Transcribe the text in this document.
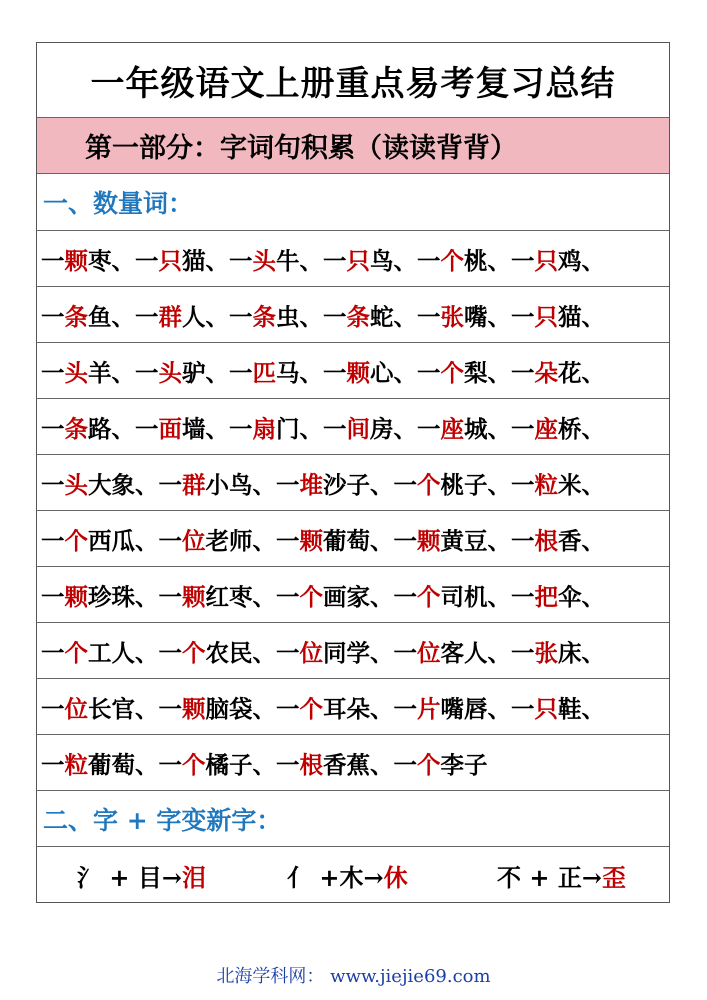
一年级语文上册重点易考复习总结
第一部分：字词句积累（读读背背）
一、数量词：
一颗枣、 一只猫、 一头牛、 一只鸟、 一个桃、 一只鸡、
一条鱼、 一群人、 一条虫、 一条蛇、 一张嘴、 一只猫、
一头羊、 一头驴、 一匹马、 一颗心、 一个梨、 一朵花、
一条路、 一面墙、 一扇门、 一间房、 一座城、 一座桥、
一头大象、 一群小鸟、 一堆沙子、 一个桃子、 一粒米、
一个西瓜、 一位老师、 一颗葡萄、 一颗黄豆、 一根香、
一颗珍珠、 一颗红枣、 一个画家、 一个司机、 一把伞、
一个工人、 一个农民、 一位同学、 一位客人、 一张床、
一位长官、 一颗脑袋、 一个耳朵、 一片嘴唇、 一只鞋、
一粒葡萄、 一个橘子、 一根香蕉、 一个李子
二、字 + 字变新字：
氵 + 目→泪	亻 +木→休	不 + 正→歪
北海学科网： www.jiejie69.com
